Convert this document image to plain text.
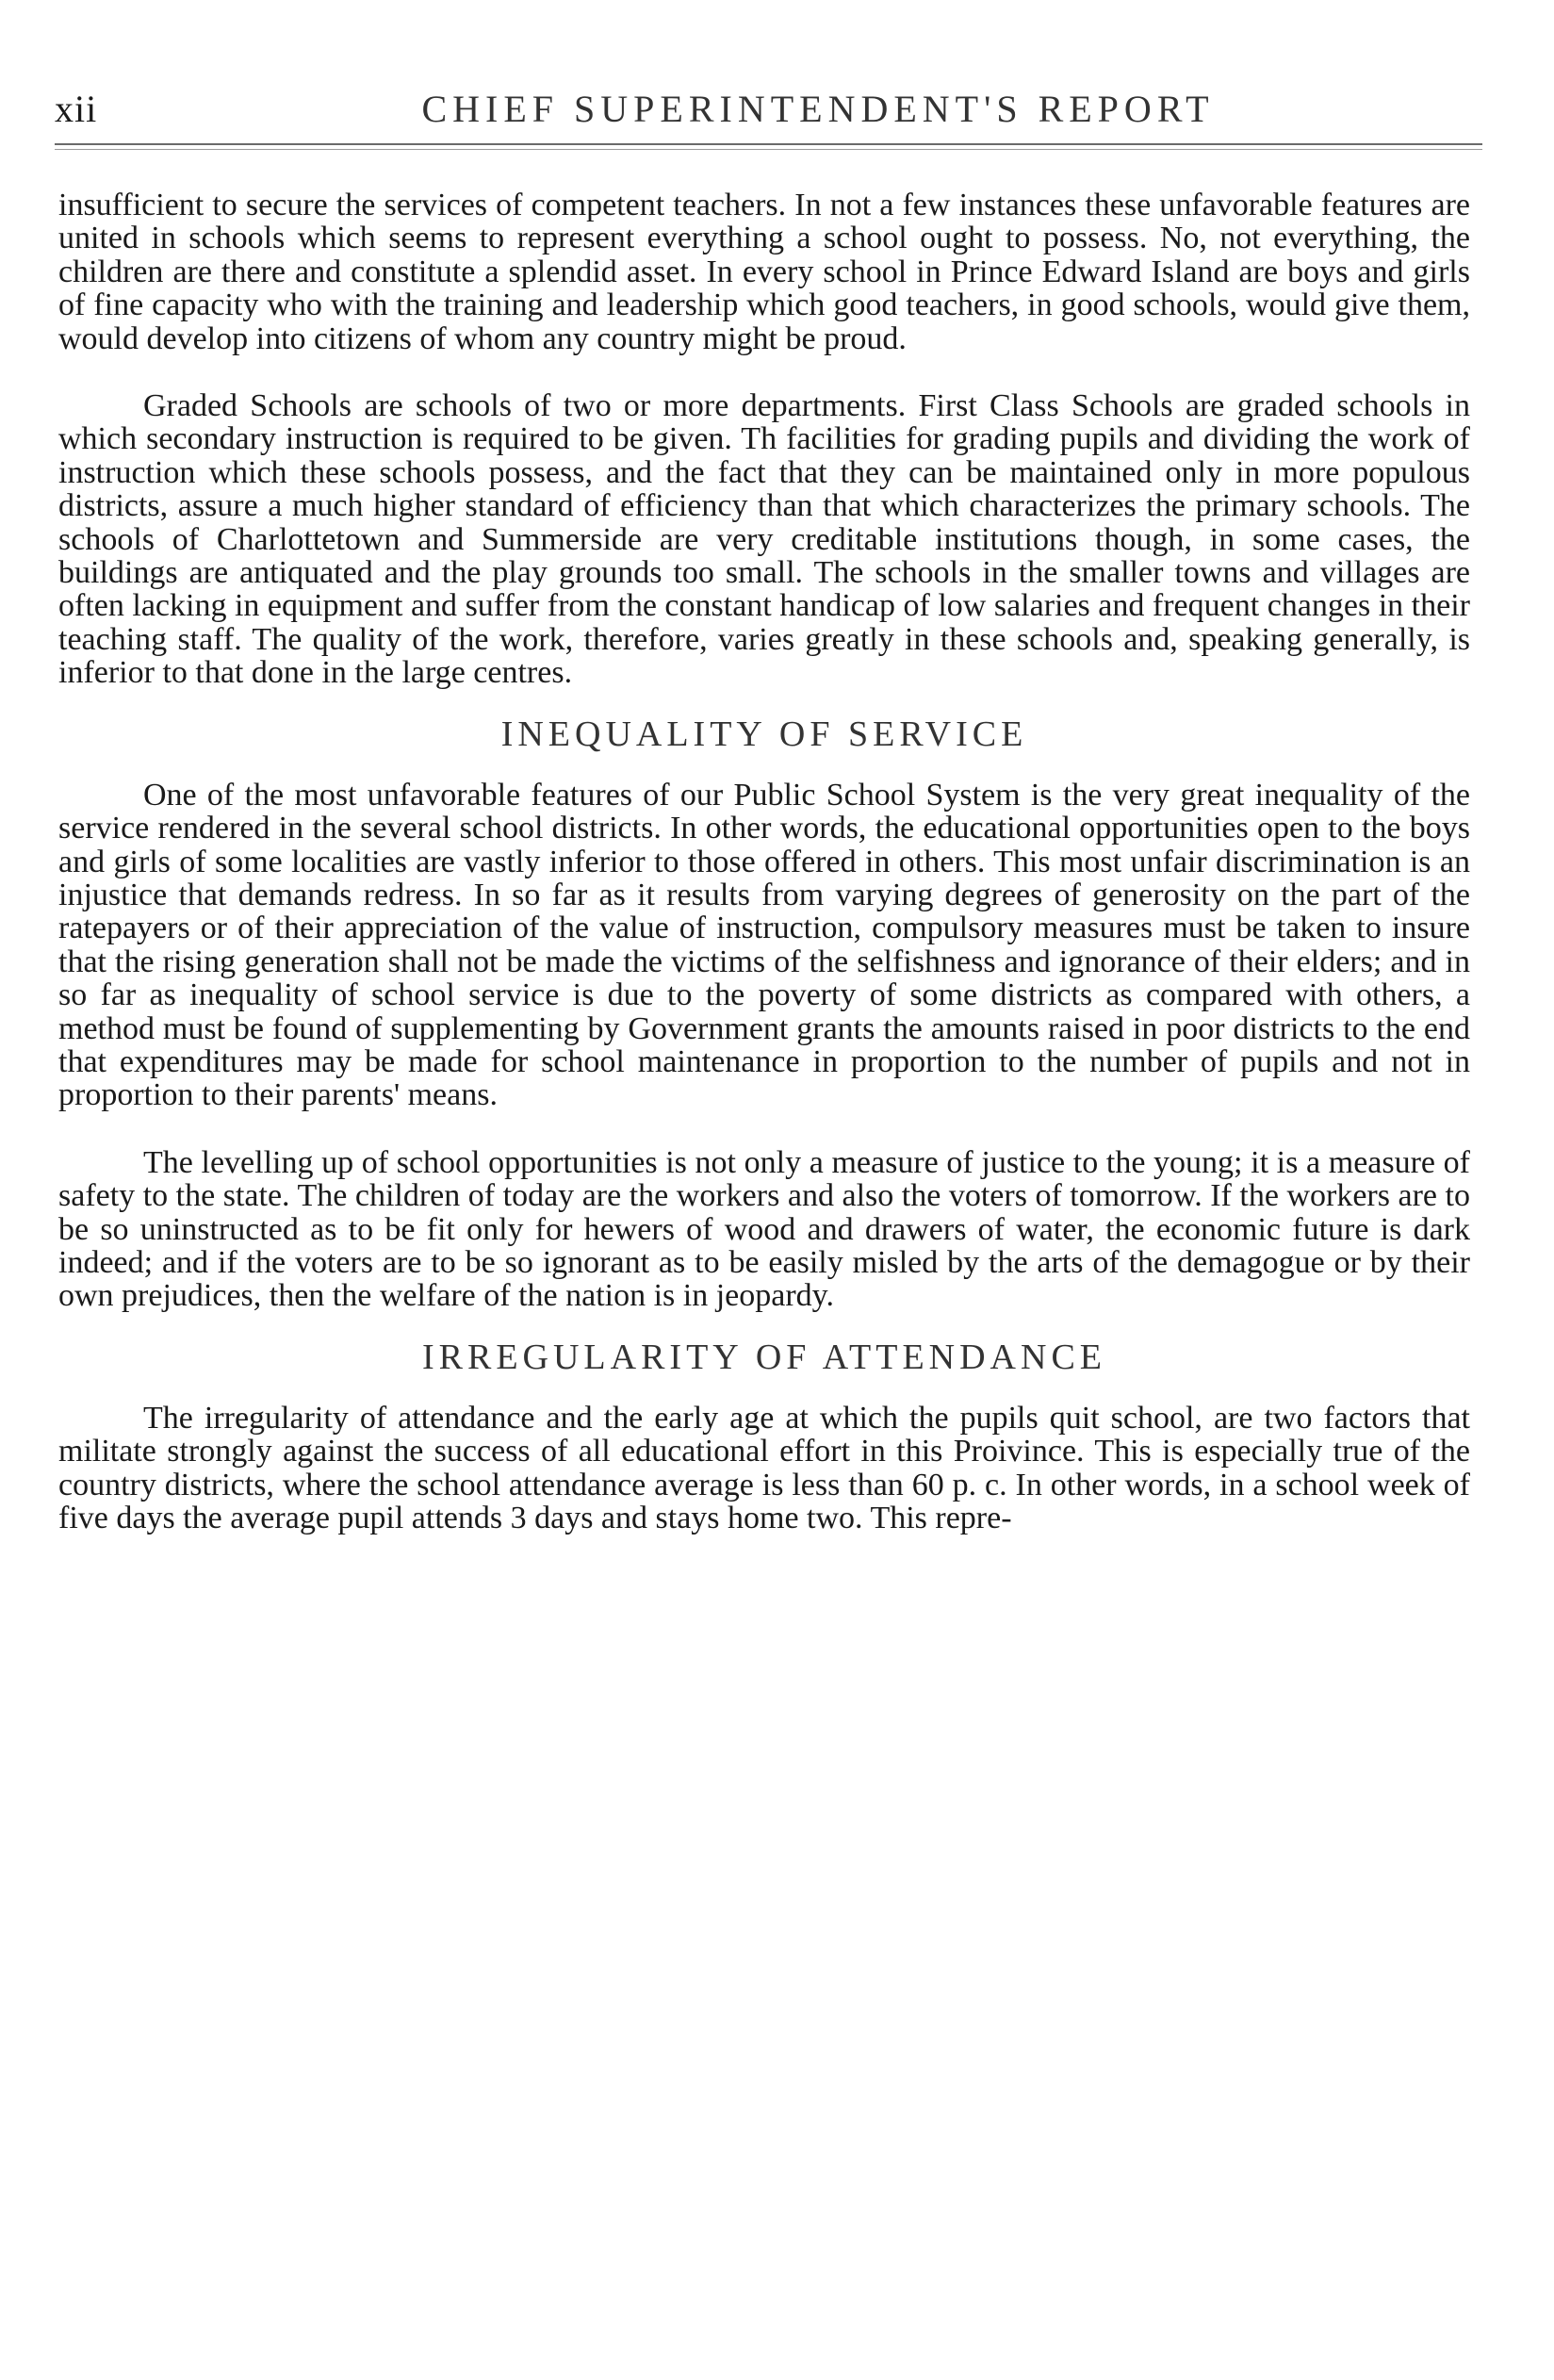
xii	CHIEF SUPERINTENDENT'S REPORT

insufficient to secure the services of competent teachers. In not a few instances these unfavorable features are united in schools which seems to represent everything a school ought to possess. No, not everything, the children are there and constitute a splendid asset. In every school in Prince Edward Island are boys and girls of fine capacity who with the training and leadership which good teachers, in good schools, would give them, would develop into citizens of whom any country might be proud.

Graded Schools are schools of two or more departments. First Class Schools are graded schools in which secondary instruction is required to be given. Th facilities for grading pupils and dividing the work of instruction which these schools possess, and the fact that they can be maintained only in more populous districts, assure a much higher standard of efficiency than that which characterizes the primary schools. The schools of Charlottetown and Summerside are very creditable institutions though, in some cases, the buildings are antiquated and the play grounds too small. The schools in the smaller towns and villages are often lacking in equipment and suffer from the constant handicap of low salaries and frequent changes in their teaching staff. The quality of the work, therefore, varies greatly in these schools and, speaking generally, is inferior to that done in the large centres.

INEQUALITY OF SERVICE

One of the most unfavorable features of our Public School System is the very great inequality of the service rendered in the several school districts. In other words, the educational opportunities open to the boys and girls of some localities are vastly inferior to those offered in others. This most unfair discrimination is an injustice that demands redress. In so far as it results from varying degrees of generosity on the part of the ratepayers or of their appreciation of the value of instruction, compulsory measures must be taken to insure that the rising generation shall not be made the victims of the selfishness and ignorance of their elders; and in so far as inequality of school service is due to the poverty of some districts as compared with others, a method must be found of supplementing by Government grants the amounts raised in poor districts to the end that expenditures may be made for school maintenance in proportion to the number of pupils and not in proportion to their parents' means.

The levelling up of school opportunities is not only a measure of justice to the young; it is a measure of safety to the state. The children of today are the workers and also the voters of tomorrow. If the workers are to be so uninstructed as to be fit only for hewers of wood and drawers of water, the economic future is dark indeed; and if the voters are to be so ignorant as to be easily misled by the arts of the demagogue or by their own prejudices, then the welfare of the nation is in jeopardy.

IRREGULARITY OF ATTENDANCE

The irregularity of attendance and the early age at which the pupils quit school, are two factors that militate strongly against the success of all educational effort in this Proivince. This is especially true of the country districts, where the school attendance average is less than 60 p. c. In other words, in a school week of five days the average pupil attends 3 days and stays home two. This repre-
